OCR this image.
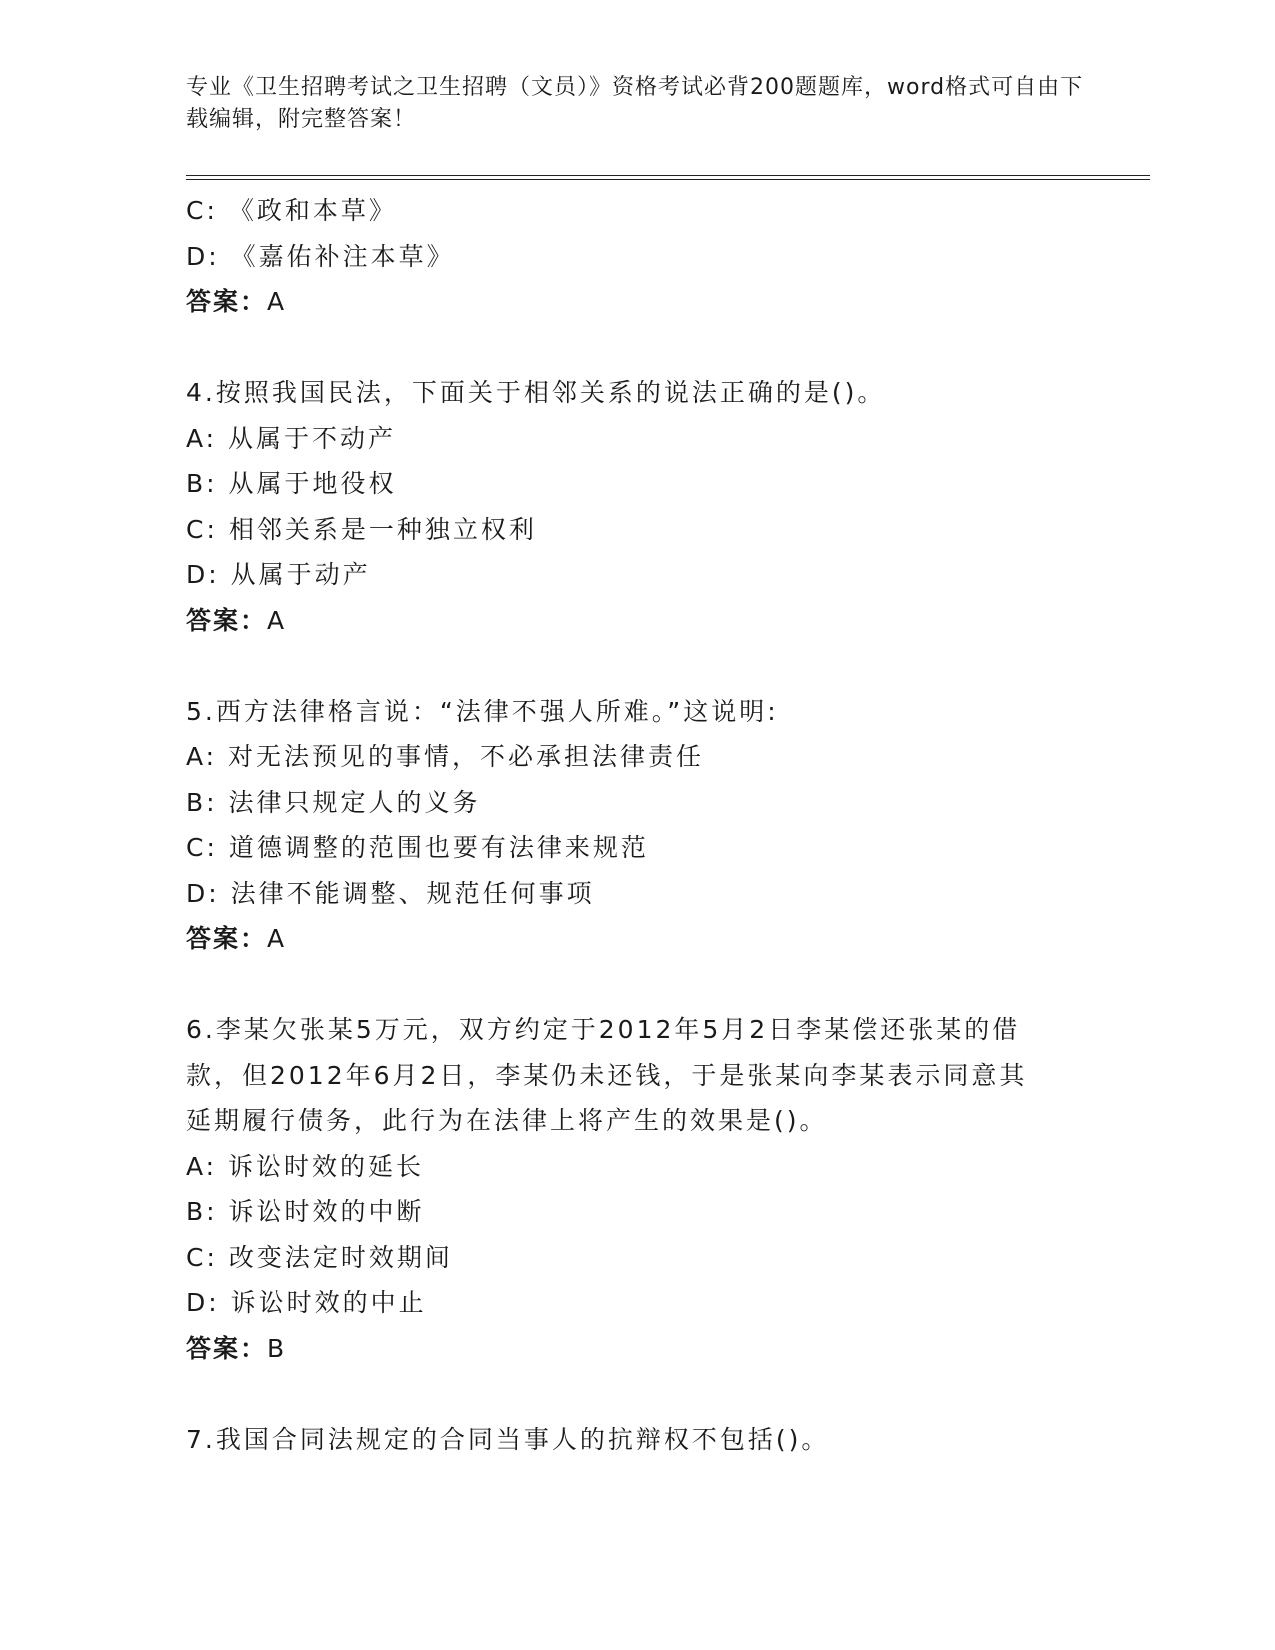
专业《卫生招聘考试之卫生招聘（文员）》资格考试必背200题题库，word格式可自由下载编辑，附完整答案！
C: 《政和本草》
D: 《嘉佑补注本草》
答案：A
4.按照我国民法，下面关于相邻关系的说法正确的是()。
A: 从属于不动产
B: 从属于地役权
C: 相邻关系是一种独立权利
D: 从属于动产
答案：A
5.西方法律格言说：“法律不强人所难。”这说明:
A: 对无法预见的事情，不必承担法律责任
B: 法律只规定人的义务
C: 道德调整的范围也要有法律来规范
D: 法律不能调整、规范任何事项
答案：A
6.李某欠张某5万元，双方约定于2012年5月2日李某偿还张某的借
款，但2012年6月2日，李某仍未还钱，于是张某向李某表示同意其
延期履行债务，此行为在法律上将产生的效果是()。
A: 诉讼时效的延长
B: 诉讼时效的中断
C: 改变法定时效期间
D: 诉讼时效的中止
答案：B
7.我国合同法规定的合同当事人的抗辩权不包括()。
